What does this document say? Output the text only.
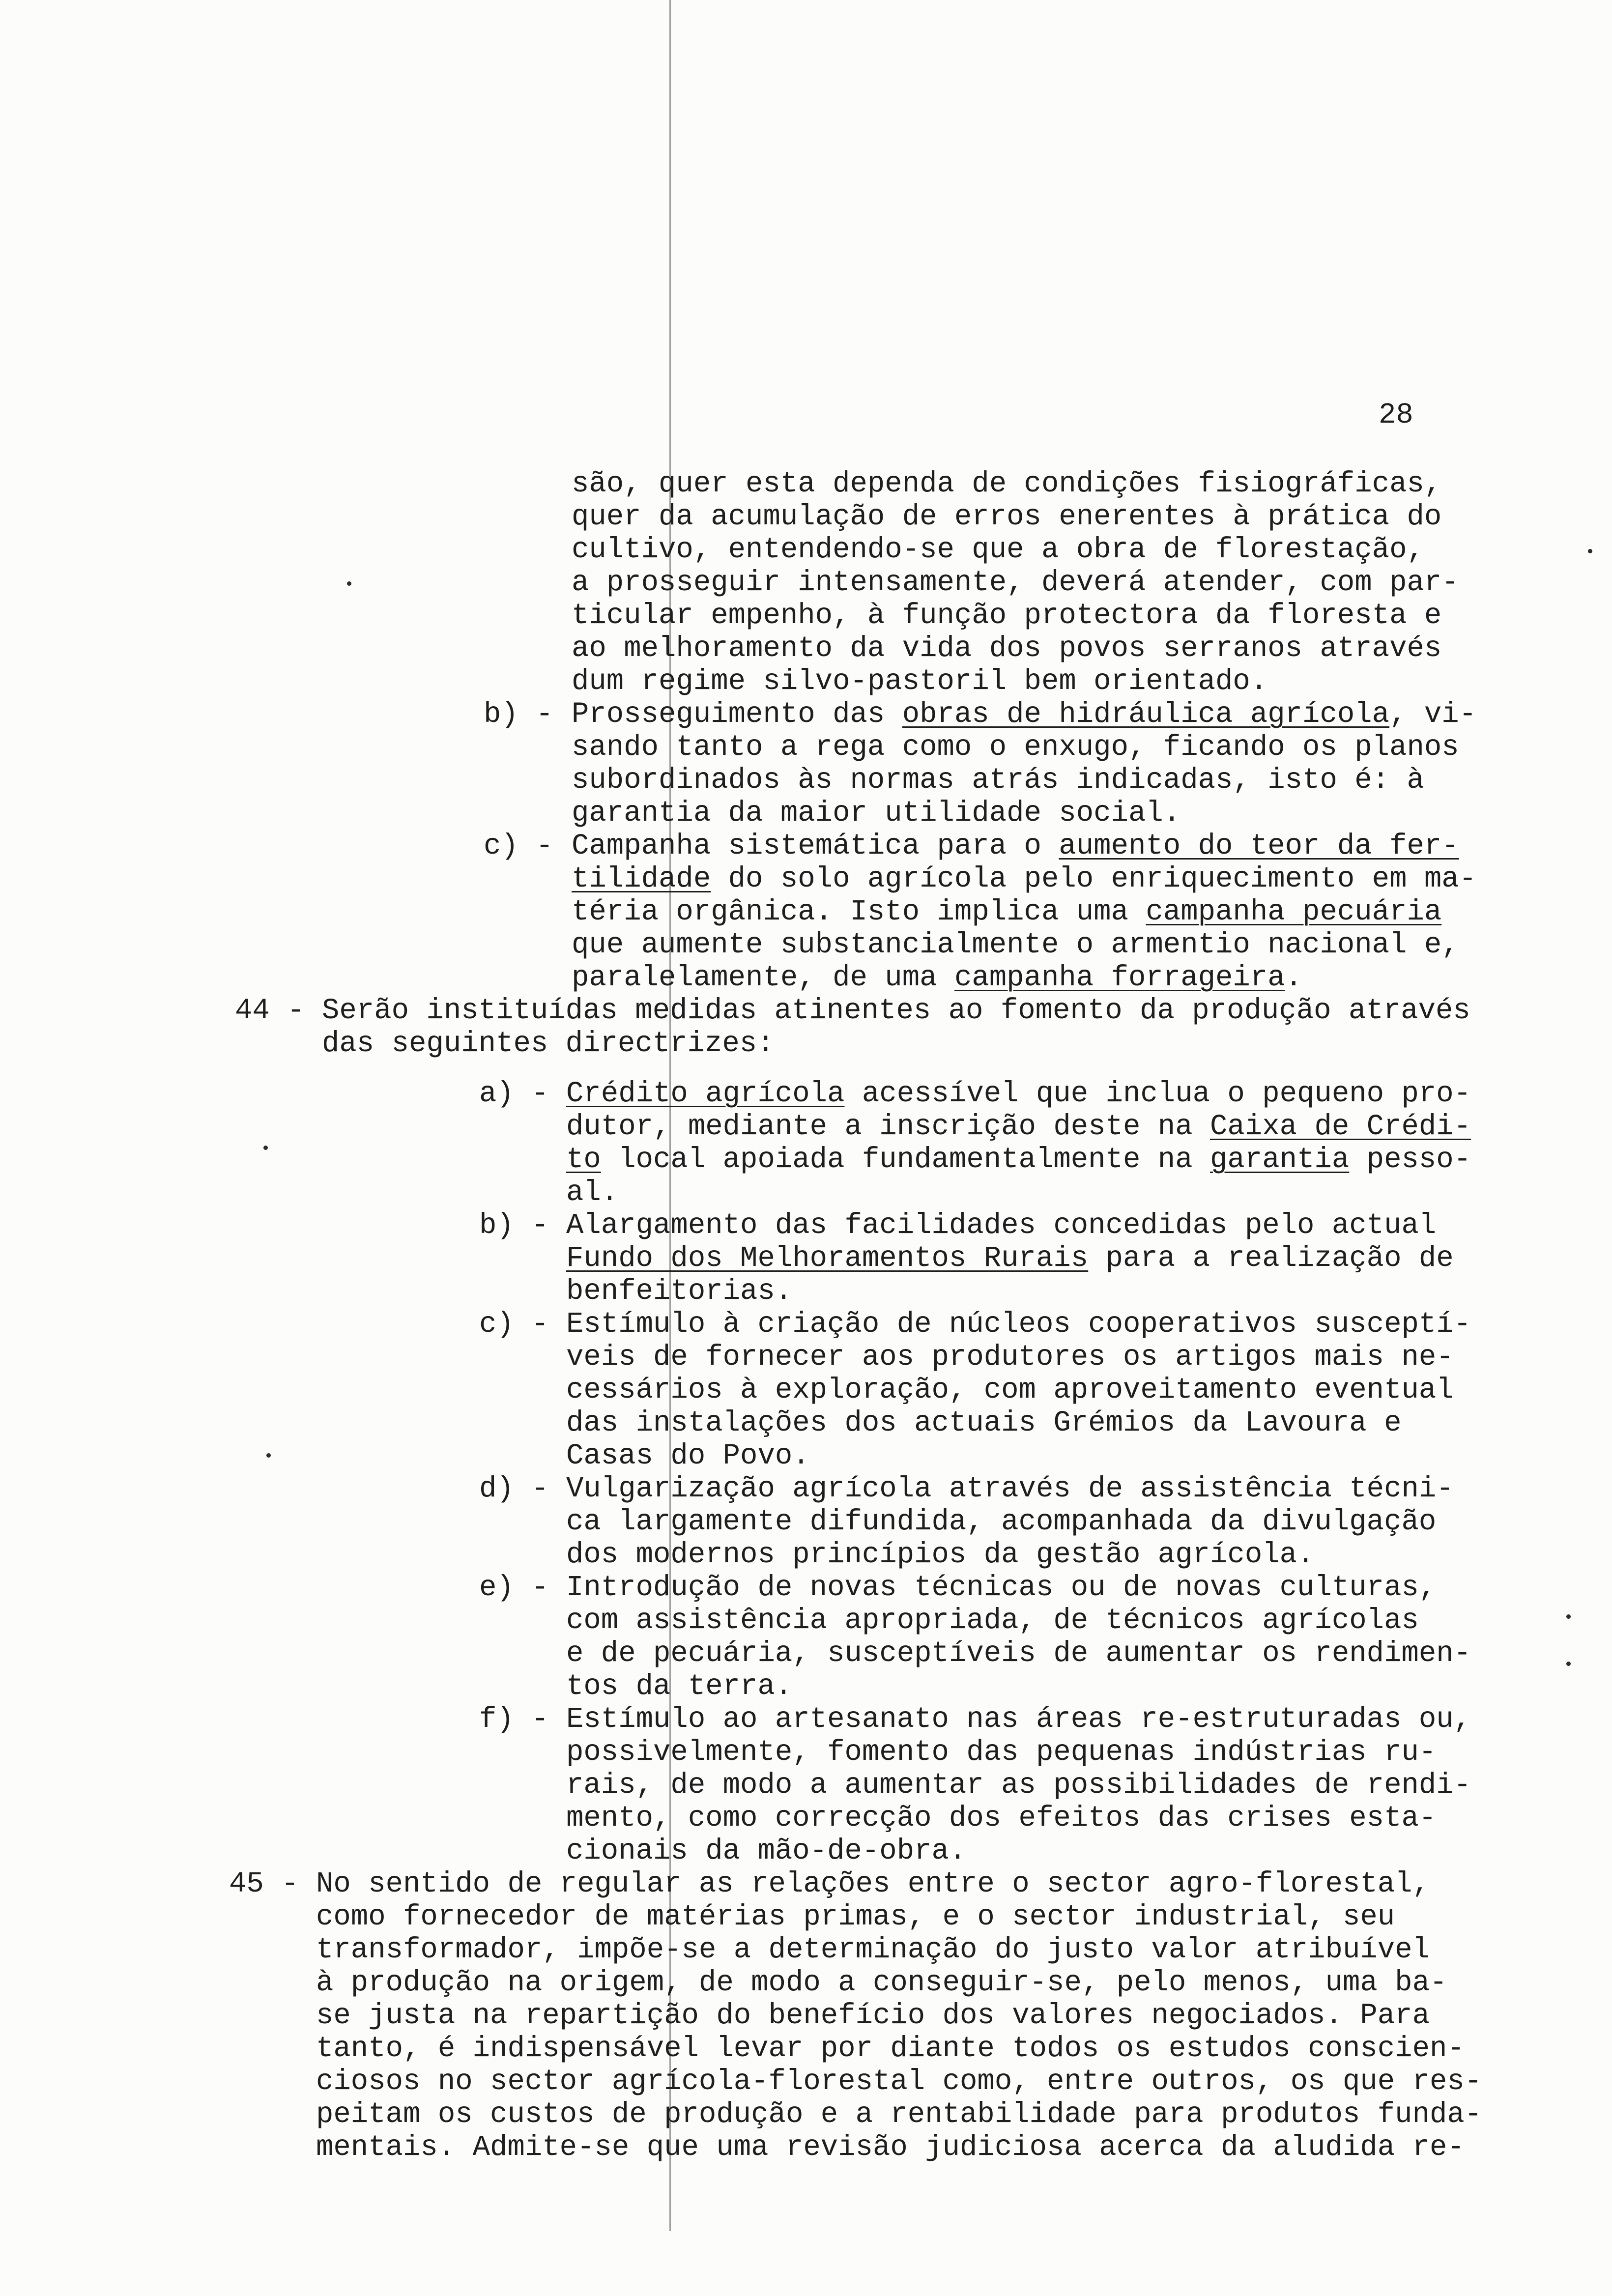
28
são, quer esta dependa de condições fisiográficas,
quer da acumulação de erros enerentes à prática do
cultivo, entendendo-se que a obra de florestação,
a prosseguir intensamente, deverá atender, com par-
ticular empenho, à função protectora da floresta e
ao melhoramento da vida dos povos serranos através
dum regime silvo-pastoril bem orientado.
b) - Prosseguimento das obras de hidráulica agrícola, vi-
sando tanto a rega como o enxugo, ficando os planos
subordinados às normas atrás indicadas, isto é: à
garantia da maior utilidade social.
c) - Campanha sistemática para o aumento do teor da fer-
tilidade do solo agrícola pelo enriquecimento em ma-
téria orgânica. Isto implica uma campanha pecuária
que aumente substancialmente o armentio nacional e,
paralelamente, de uma campanha forrageira.
44 - Serão instituídas medidas atinentes ao fomento da produção através
das seguintes directrizes:
a) - Crédito agrícola acessível que inclua o pequeno pro-
dutor, mediante a inscrição deste na Caixa de Crédi-
to local apoiada fundamentalmente na garantia pesso-
al.
b) - Alargamento das facilidades concedidas pelo actual
Fundo dos Melhoramentos Rurais para a realização de
benfeitorias.
c) - Estímulo à criação de núcleos cooperativos susceptí-
veis de fornecer aos produtores os artigos mais ne-
cessários à exploração, com aproveitamento eventual
das instalações dos actuais Grémios da Lavoura e
Casas do Povo.
d) - Vulgarização agrícola através de assistência técni-
ca largamente difundida, acompanhada da divulgação
dos modernos princípios da gestão agrícola.
e) - Introdução de novas técnicas ou de novas culturas,
com assistência apropriada, de técnicos agrícolas
e de pecuária, susceptíveis de aumentar os rendimen-
tos da terra.
f) - Estímulo ao artesanato nas áreas re-estruturadas ou,
possivelmente, fomento das pequenas indústrias ru-
rais, de modo a aumentar as possibilidades de rendi-
mento, como correcção dos efeitos das crises esta-
cionais da mão-de-obra.
45 - No sentido de regular as relações entre o sector agro-florestal,
como fornecedor de matérias primas, e o sector industrial, seu
transformador, impõe-se a determinação do justo valor atribuível
à produção na origem, de modo a conseguir-se, pelo menos, uma ba-
se justa na repartição do benefício dos valores negociados. Para
tanto, é indispensável levar por diante todos os estudos conscien-
ciosos no sector agrícola-florestal como, entre outros, os que res-
peitam os custos de produção e a rentabilidade para produtos funda-
mentais. Admite-se que uma revisão judiciosa acerca da aludida re-
